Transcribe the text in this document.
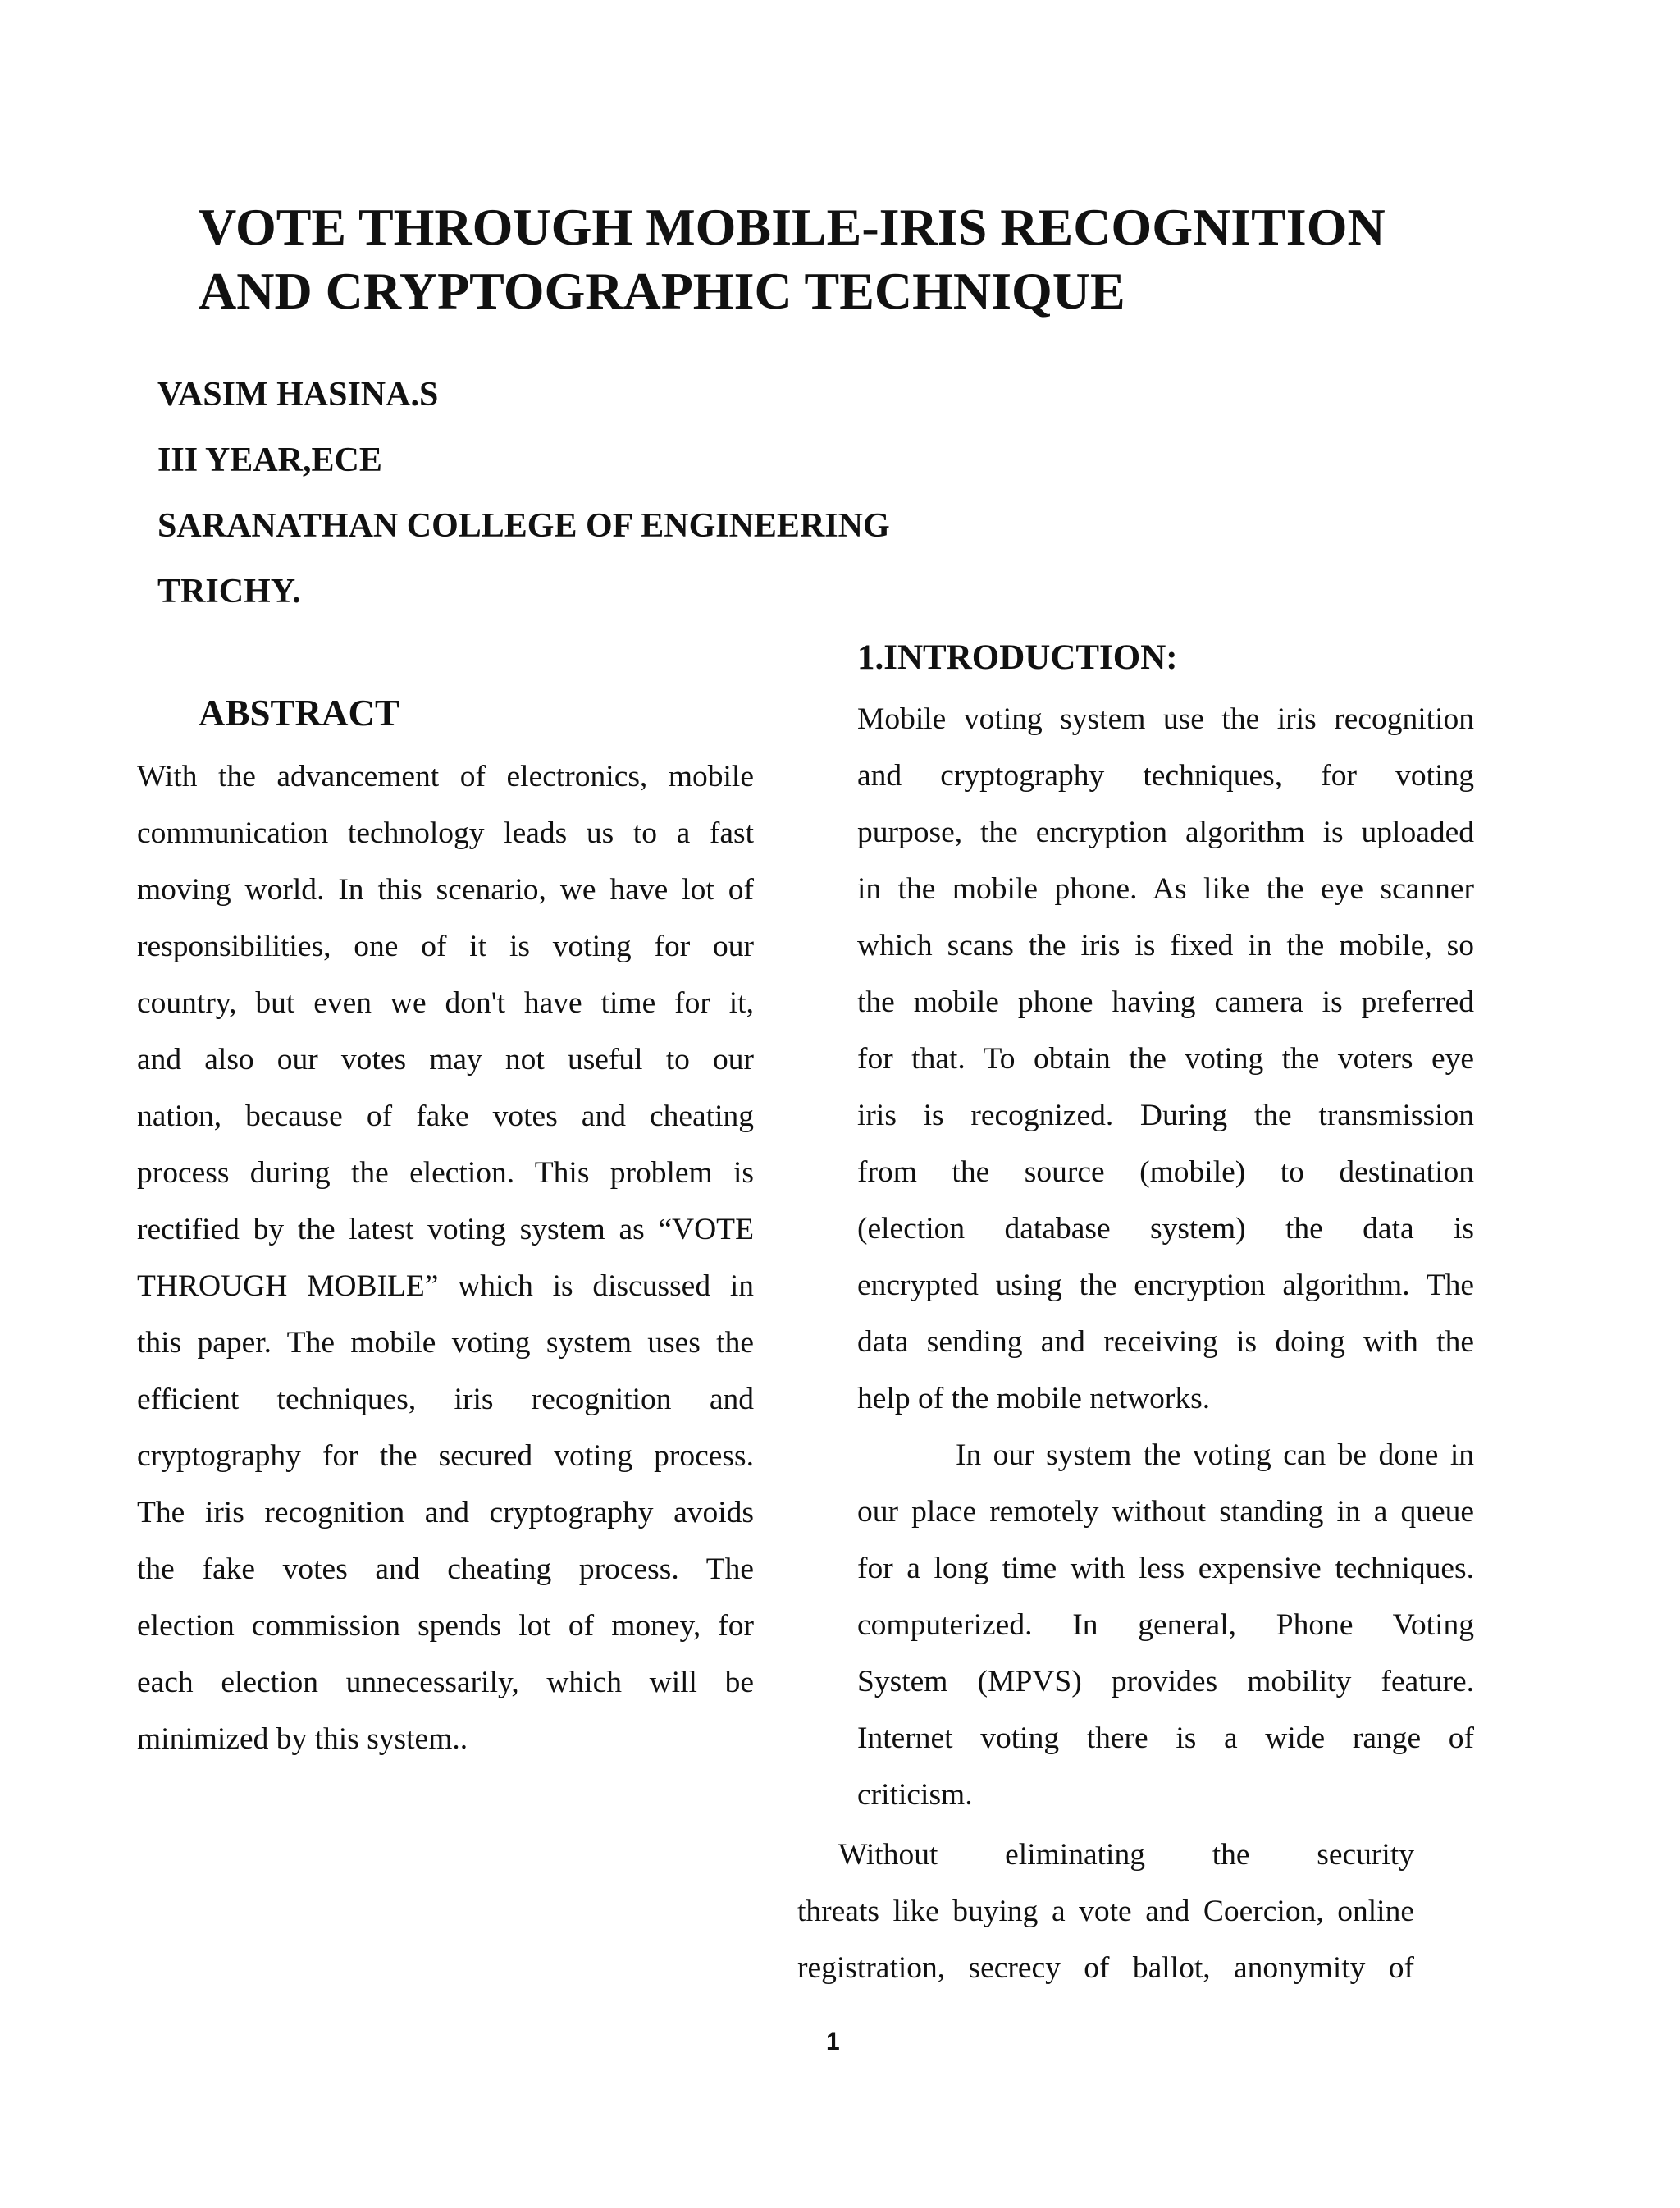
VOTE THROUGH MOBILE-IRIS RECOGNITION
AND CRYPTOGRAPHIC TECHNIQUE

VASIM HASINA.S

III YEAR,ECE

SARANATHAN COLLEGE OF ENGINEERING

TRICHY.

ABSTRACT
1.INTRODUCTION:
With the advancement of electronics, mobile
communication technology leads us to a fast
moving world. In this scenario, we have lot of
responsibilities, one of it is voting for our
country, but even we don't have time for it,
and also our votes may not useful to our
nation, because of fake votes and cheating
process during the election. This problem is
rectified by the latest voting system as “VOTE
THROUGH MOBILE” which is discussed in
this paper. The mobile voting system uses the
efficient techniques, iris recognition and
cryptography for the secured voting process.
The iris recognition and cryptography avoids
the fake votes and cheating process. The
election commission spends lot of money, for
each election unnecessarily, which will be
minimized by this system..
Mobile voting system use the iris recognition
and cryptography techniques, for voting
purpose, the encryption algorithm is uploaded
in the mobile phone. As like the eye scanner
which scans the iris is fixed in the mobile, so
the mobile phone having camera is preferred
for that. To obtain the voting the voters eye
iris is recognized. During the transmission
from the source (mobile) to destination
(election database system) the data is
encrypted using the encryption algorithm. The
data sending and receiving is doing with the
help of the mobile networks.
In our system the voting can be done in
our place remotely without standing in a queue
for a long time with less expensive techniques.
computerized. In general, Phone Voting
System (MPVS) provides mobility feature.
Internet voting there is a wide range of
criticism.
Without eliminating the security
threats like buying a vote and Coercion, online
registration, secrecy of ballot, anonymity of

1
